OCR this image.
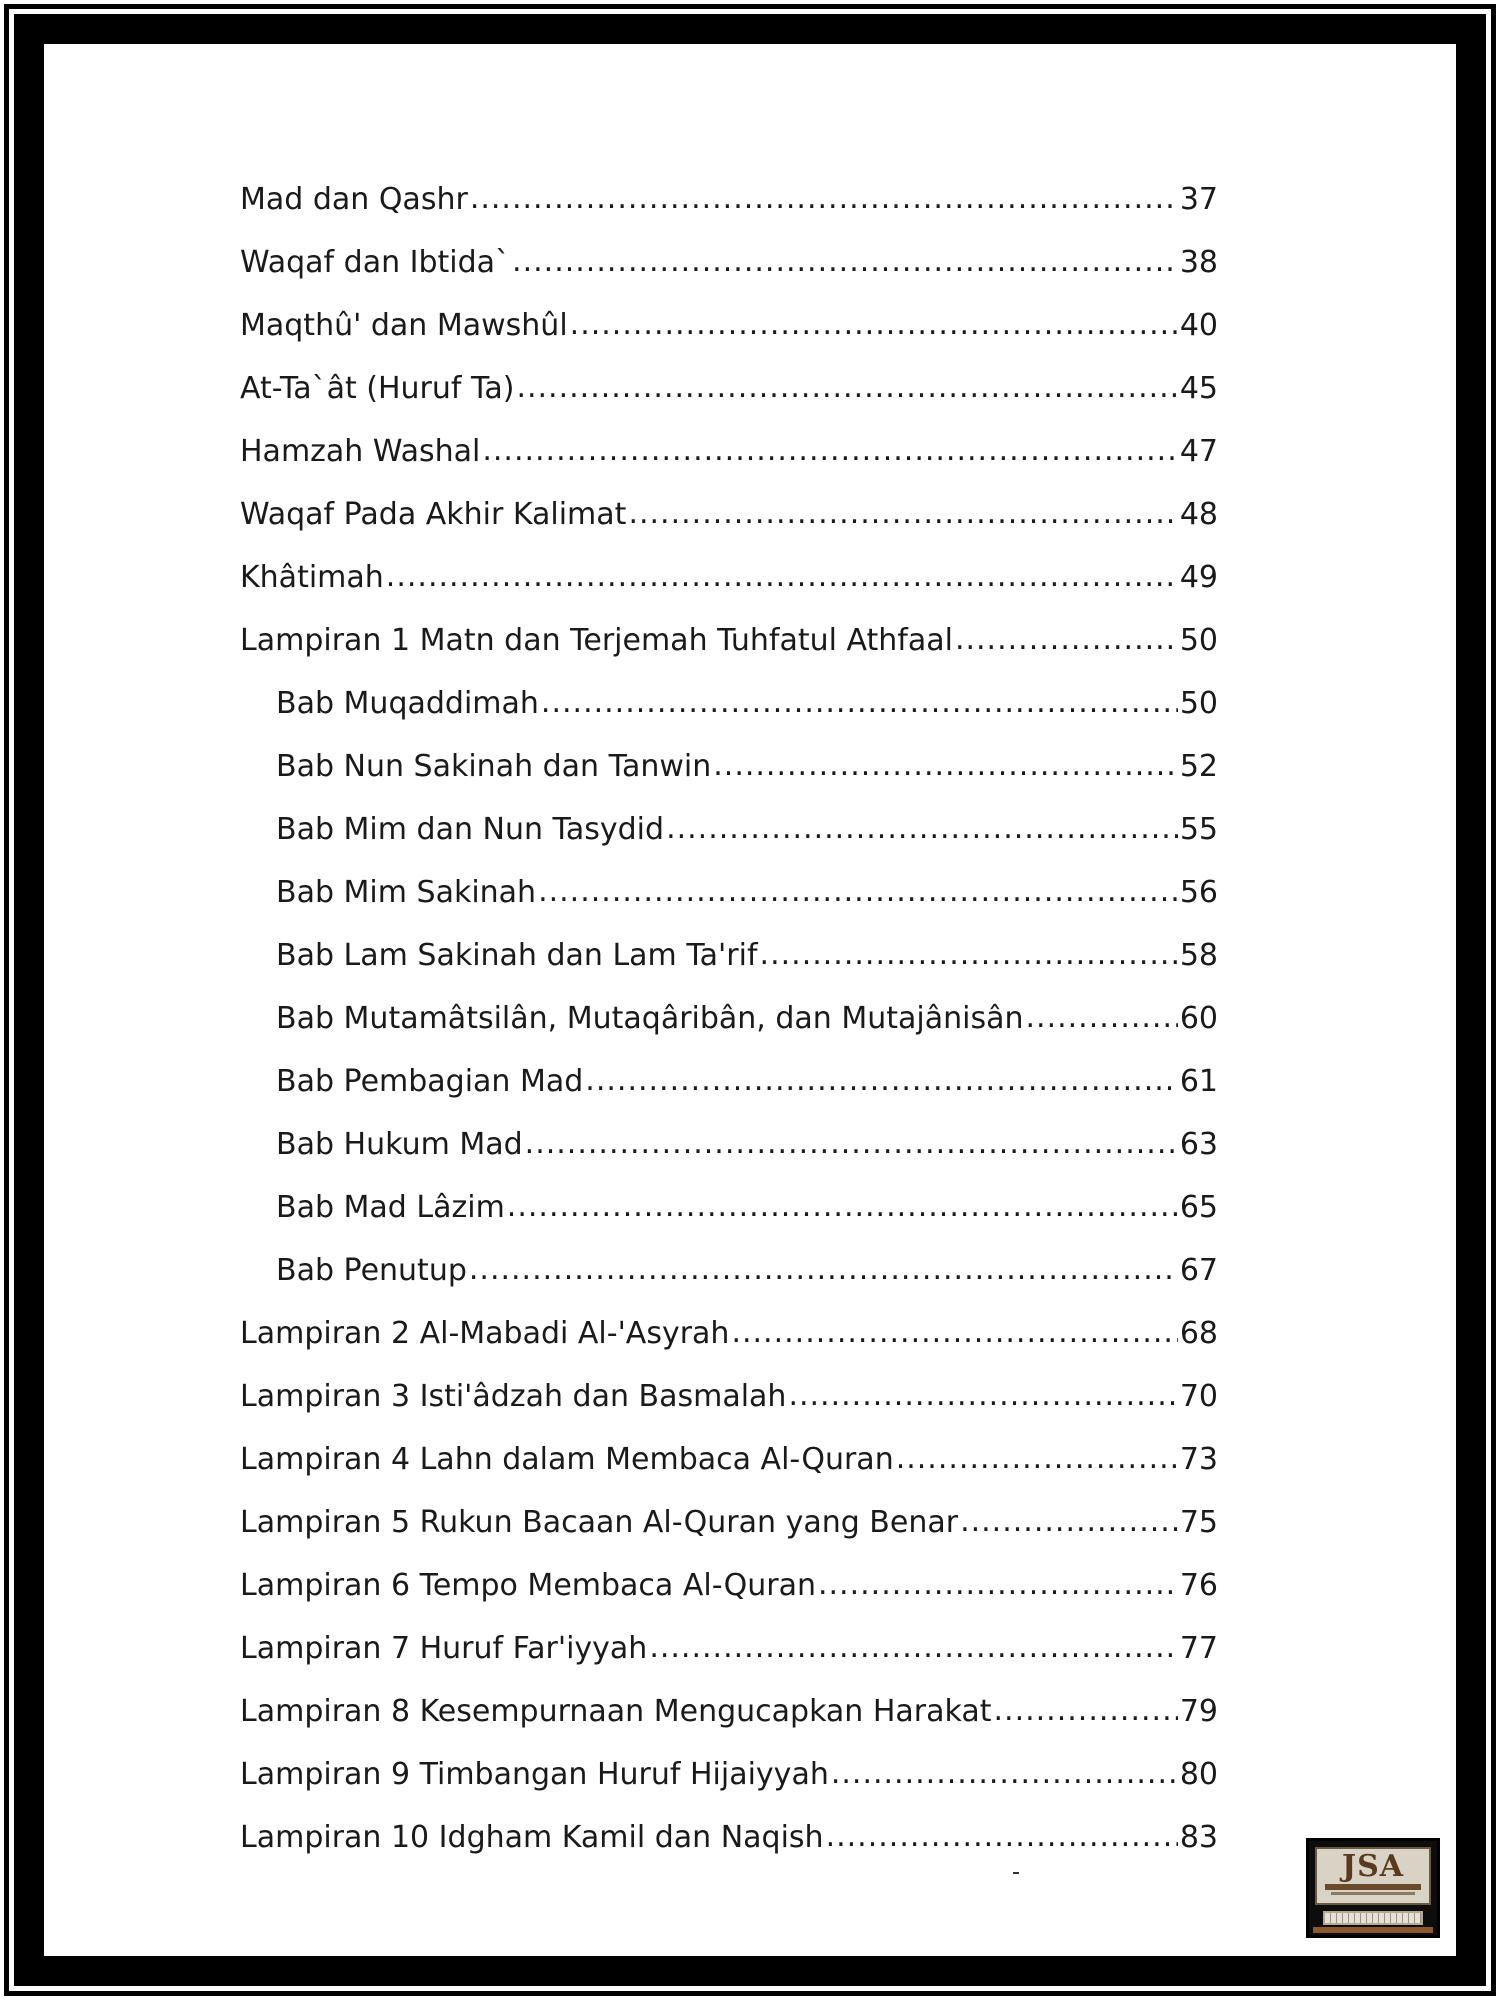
Mad dan Qashr .....	37
Waqaf dan Ibtida` .....	38
Maqthû' dan Mawshûl .....	40
At-Ta`ât (Huruf Ta) .....	45
Hamzah Washal .....	47
Waqaf Pada Akhir Kalimat .....	48
Khâtimah .....	49
Lampiran 1 Matn dan Terjemah Tuhfatul Athfaal .....	50
Bab Muqaddimah .....	50
Bab Nun Sakinah dan Tanwin .....	52
Bab Mim dan Nun Tasydid .....	55
Bab Mim Sakinah .....	56
Bab Lam Sakinah dan Lam Ta'rif .....	58
Bab Mutamâtsilân, Mutaqâribân, dan Mutajânisân .....	60
Bab Pembagian Mad .....	61
Bab Hukum Mad .....	63
Bab Mad Lâzim .....	65
Bab Penutup .....	67
Lampiran 2 Al-Mabadi Al-'Asyrah .....	68
Lampiran 3 Isti'âdzah dan Basmalah .....	70
Lampiran 4 Lahn dalam Membaca Al-Quran .....	73
Lampiran 5 Rukun Bacaan Al-Quran yang Benar .....	75
Lampiran 6 Tempo Membaca Al-Quran .....	76
Lampiran 7 Huruf Far'iyyah .....	77
Lampiran 8 Kesempurnaan Mengucapkan Harakat .....	79
Lampiran 9 Timbangan Huruf Hijaiyyah .....	80
Lampiran 10 Idgham Kamil dan Naqish .....	83
JSA
